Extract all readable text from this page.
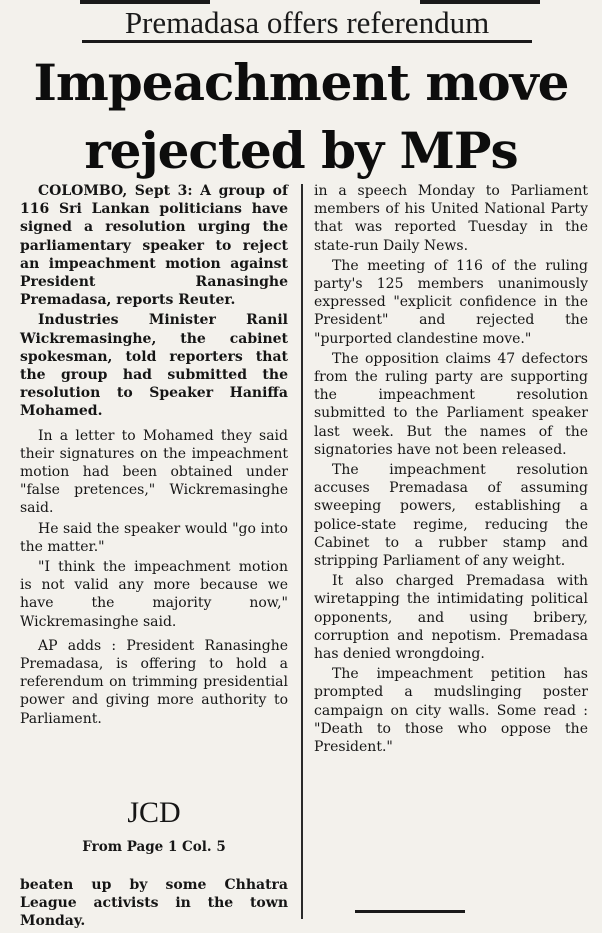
Premadasa offers referendum
Impeachment move
rejected by MPs

COLOMBO, Sept 3: A group of 116 Sri Lankan politicians have signed a resolution urging the parliamentary speaker to reject an impeachment motion against President Ranasinghe Premadasa, reports Reuter.

Industries Minister Ranil Wickremasinghe, the cabinet spokesman, told reporters that the group had submitted the resolution to Speaker Haniffa Mohamed.

In a letter to Mohamed they said their signatures on the impeachment motion had been obtained under "false pretences," Wickremasinghe said.

He said the speaker would "go into the matter."

"I think the impeachment motion is not valid any more because we have the majority now," Wickremasinghe said.

AP adds : President Ranasinghe Premadasa, is offering to hold a referendum on trimming presidential power and giving more authority to Parliament.

in a speech Monday to Parliament members of his United National Party that was reported Tuesday in the state-run Daily News.

The meeting of 116 of the ruling party's 125 members unanimously expressed "explicit confidence in the President" and rejected the "purported clandestine move."

The opposition claims 47 defectors from the ruling party are supporting the impeachment resolution submitted to the Parliament speaker last week. But the names of the signatories have not been released.

The impeachment resolution accuses Premadasa of assuming sweeping powers, establishing a police-state regime, reducing the Cabinet to a rubber stamp and stripping Parliament of any weight.

It also charged Premadasa with wiretapping the intimidating political opponents, and using bribery, corruption and nepotism. Premadasa has denied wrongdoing.

The impeachment petition has prompted a mudslinging poster campaign on city walls. Some read : "Death to those who oppose the President."

JCD
From Page 1 Col. 5

beaten up by some Chhatra League activists in the town Monday.
